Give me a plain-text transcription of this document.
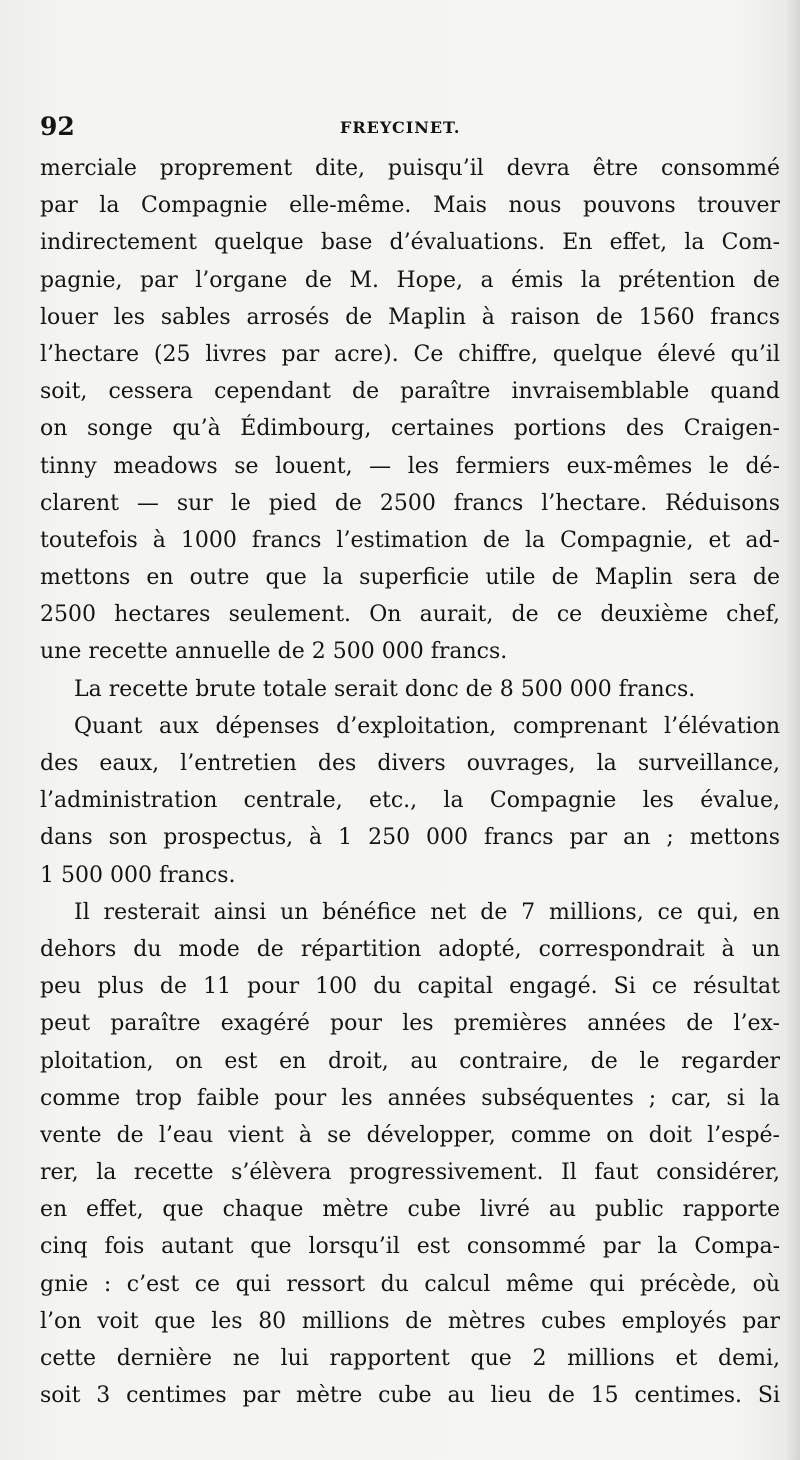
92	FREYCINET.
merciale proprement dite, puisqu’il devra être consommé
par la Compagnie elle-même. Mais nous pouvons trouver
indirectement quelque base d’évaluations. En effet, la Com-
pagnie, par l’organe de M. Hope, a émis la prétention de
louer les sables arrosés de Maplin à raison de 1560 francs
l’hectare (25 livres par acre). Ce chiffre, quelque élevé qu’il
soit, cessera cependant de paraître invraisemblable quand
on songe qu’à Édimbourg, certaines portions des Craigen-
tinny meadows se louent, — les fermiers eux-mêmes le dé-
clarent — sur le pied de 2500 francs l’hectare. Réduisons
toutefois à 1000 francs l’estimation de la Compagnie, et ad-
mettons en outre que la superficie utile de Maplin sera de
2500 hectares seulement. On aurait, de ce deuxième chef,
une recette annuelle de 2 500 000 francs.
La recette brute totale serait donc de 8 500 000 francs.
Quant aux dépenses d’exploitation, comprenant l’élévation
des eaux, l’entretien des divers ouvrages, la surveillance,
l’administration centrale, etc., la Compagnie les évalue,
dans son prospectus, à 1 250 000 francs par an ; mettons
1 500 000 francs.
Il resterait ainsi un bénéfice net de 7 millions, ce qui, en
dehors du mode de répartition adopté, correspondrait à un
peu plus de 11 pour 100 du capital engagé. Si ce résultat
peut paraître exagéré pour les premières années de l’ex-
ploitation, on est en droit, au contraire, de le regarder
comme trop faible pour les années subséquentes ; car, si la
vente de l’eau vient à se développer, comme on doit l’espé-
rer, la recette s’élèvera progressivement. Il faut considérer,
en effet, que chaque mètre cube livré au public rapporte
cinq fois autant que lorsqu’il est consommé par la Compa-
gnie : c’est ce qui ressort du calcul même qui précède, où
l’on voit que les 80 millions de mètres cubes employés par
cette dernière ne lui rapportent que 2 millions et demi,
soit 3 centimes par mètre cube au lieu de 15 centimes. Si
